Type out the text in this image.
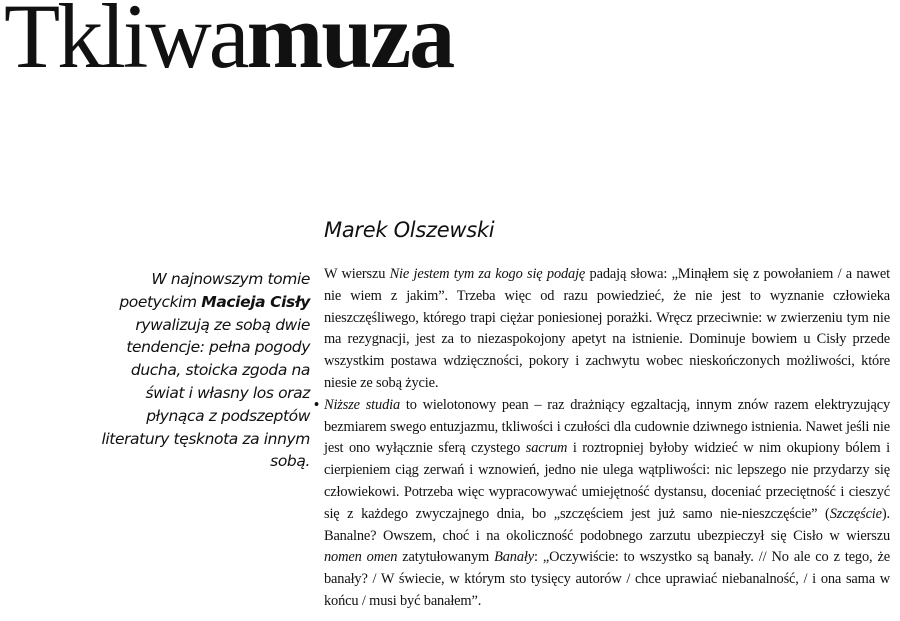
Tkliwamuza
Marek Olszewski
W najnowszym tomie poetyckim Macieja Cisły rywalizują ze sobą dwie tendencje: pełna pogody ducha, stoicka zgoda na świat i własny los oraz płynąca z podszeptów literatury tęsknota za innym sobą.

W wierszu Nie jestem tym za kogo się podaję padają słowa: „Minąłem się z powołaniem / a nawet nie wiem z jakim”. Trzeba więc od razu powiedzieć, że nie jest to wyznanie człowieka nieszczęśliwego, którego trapi ciężar poniesionej porażki. Wręcz przeciwnie: w zwierzeniu tym nie ma rezygnacji, jest za to niezaspokojony apetyt na istnienie. Dominuje bowiem u Cisły przede wszystkim postawa wdzięczności, pokory i zachwytu wobec nieskończonych możliwości, które niesie ze sobą życie.

• Niższe studia to wielotonowy pean – raz drażniący egzaltacją, innym znów razem elektryzujący bezmiarem swego entuzjazmu, tkliwości i czułości dla cudownie dziwnego istnienia. Nawet jeśli nie jest ono wyłącznie sferą czystego sacrum i roztropniej byłoby widzieć w nim okupiony bólem i cierpieniem ciąg zerwań i wznowień, jedno nie ulega wątpliwości: nic lepszego nie przydarzy się człowiekowi. Potrzeba więc wypracowywać umiejętność dystansu, doceniać przeciętność i cieszyć się z każdego zwyczajnego dnia, bo „szczęściem jest już samo nie-nieszczęście” (Szczęście). Banalne? Owszem, choć i na okoliczność podobnego zarzutu ubezpieczył się Cisło w wierszu nomen omen zatytułowanym Banały: „Oczywiście: to wszystko są banały. // No ale co z tego, że banały? / W świecie, w którym sto tysięcy autorów / chce uprawiać niebanalność, / i ona sama w końcu / musi być banałem”.
